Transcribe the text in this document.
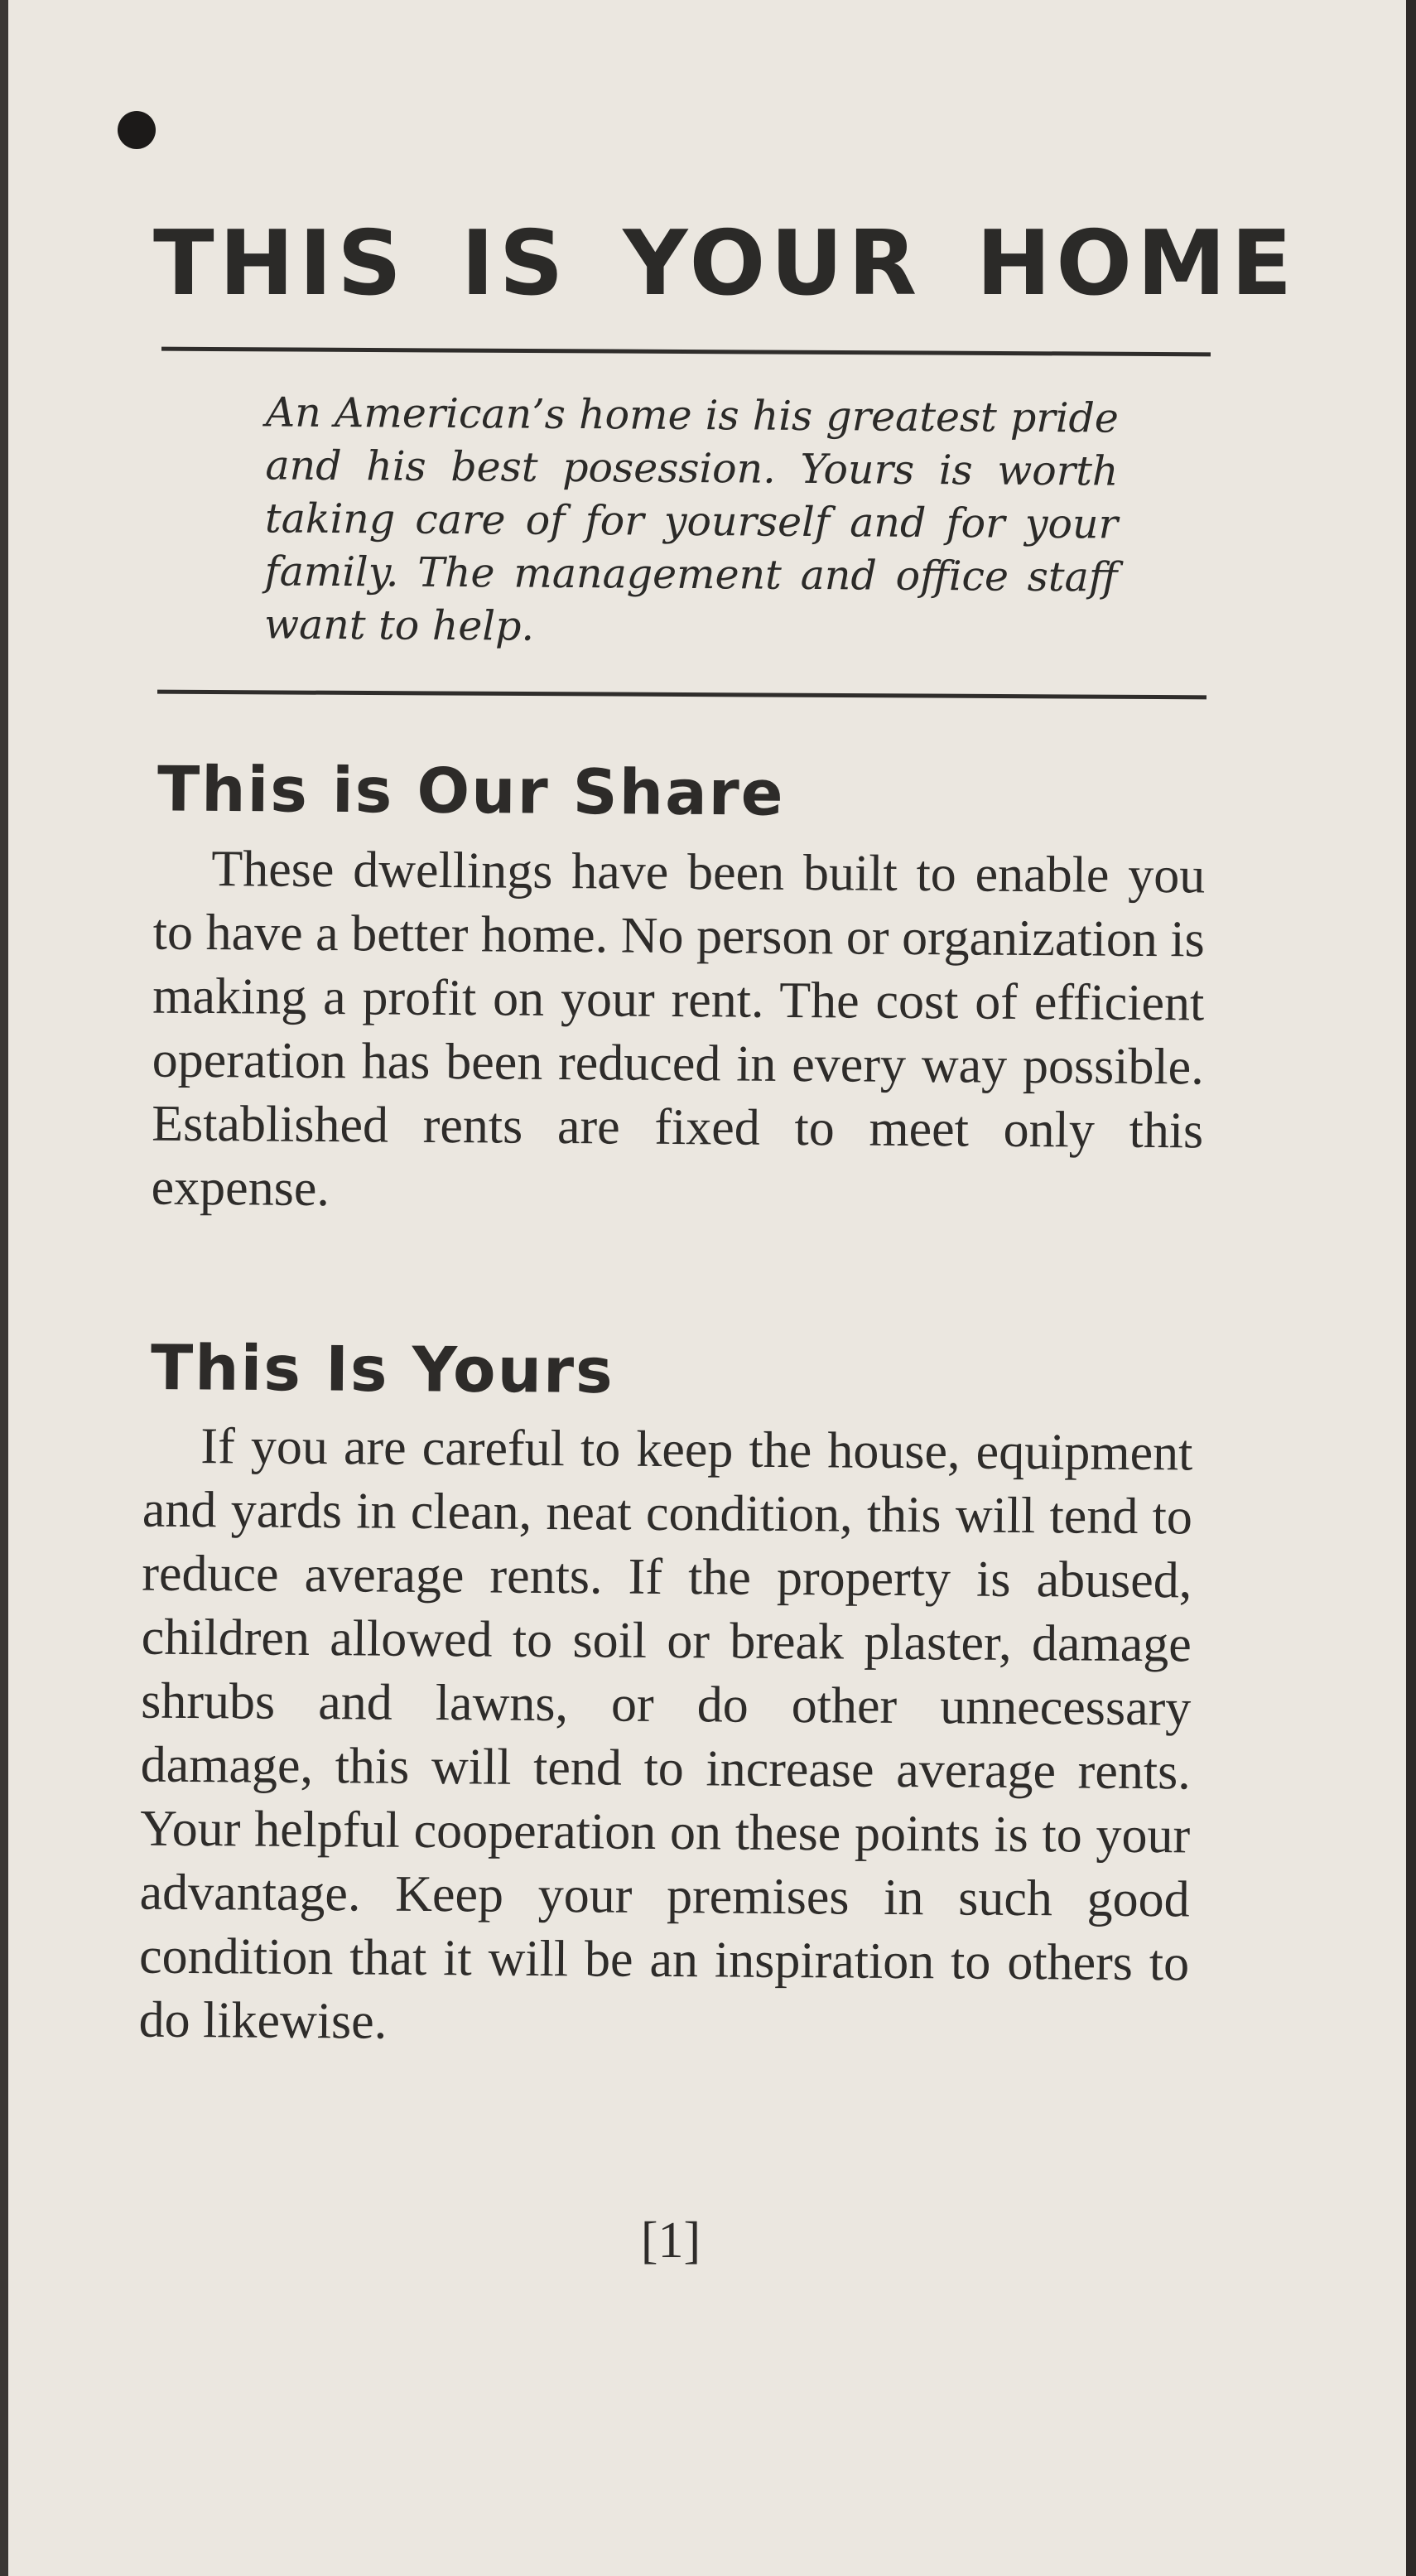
THIS IS YOUR HOME

An American’s home is his greatest pride and his best posession. Yours is worth taking care of for yourself and for your family. The management and office staff want to help.

This is Our Share

These dwellings have been built to enable you to have a better home. No person or organization is making a profit on your rent. The cost of efficient operation has been reduced in every way possible. Established rents are fixed to meet only this expense.

This Is Yours

If you are careful to keep the house, equipment and yards in clean, neat condition, this will tend to reduce average rents. If the property is abused, children allowed to soil or break plaster, damage shrubs and lawns, or do other unnecessary damage, this will tend to increase average rents. Your helpful cooperation on these points is to your advantage. Keep your premises in such good condition that it will be an inspiration to others to do likewise.

[1]
